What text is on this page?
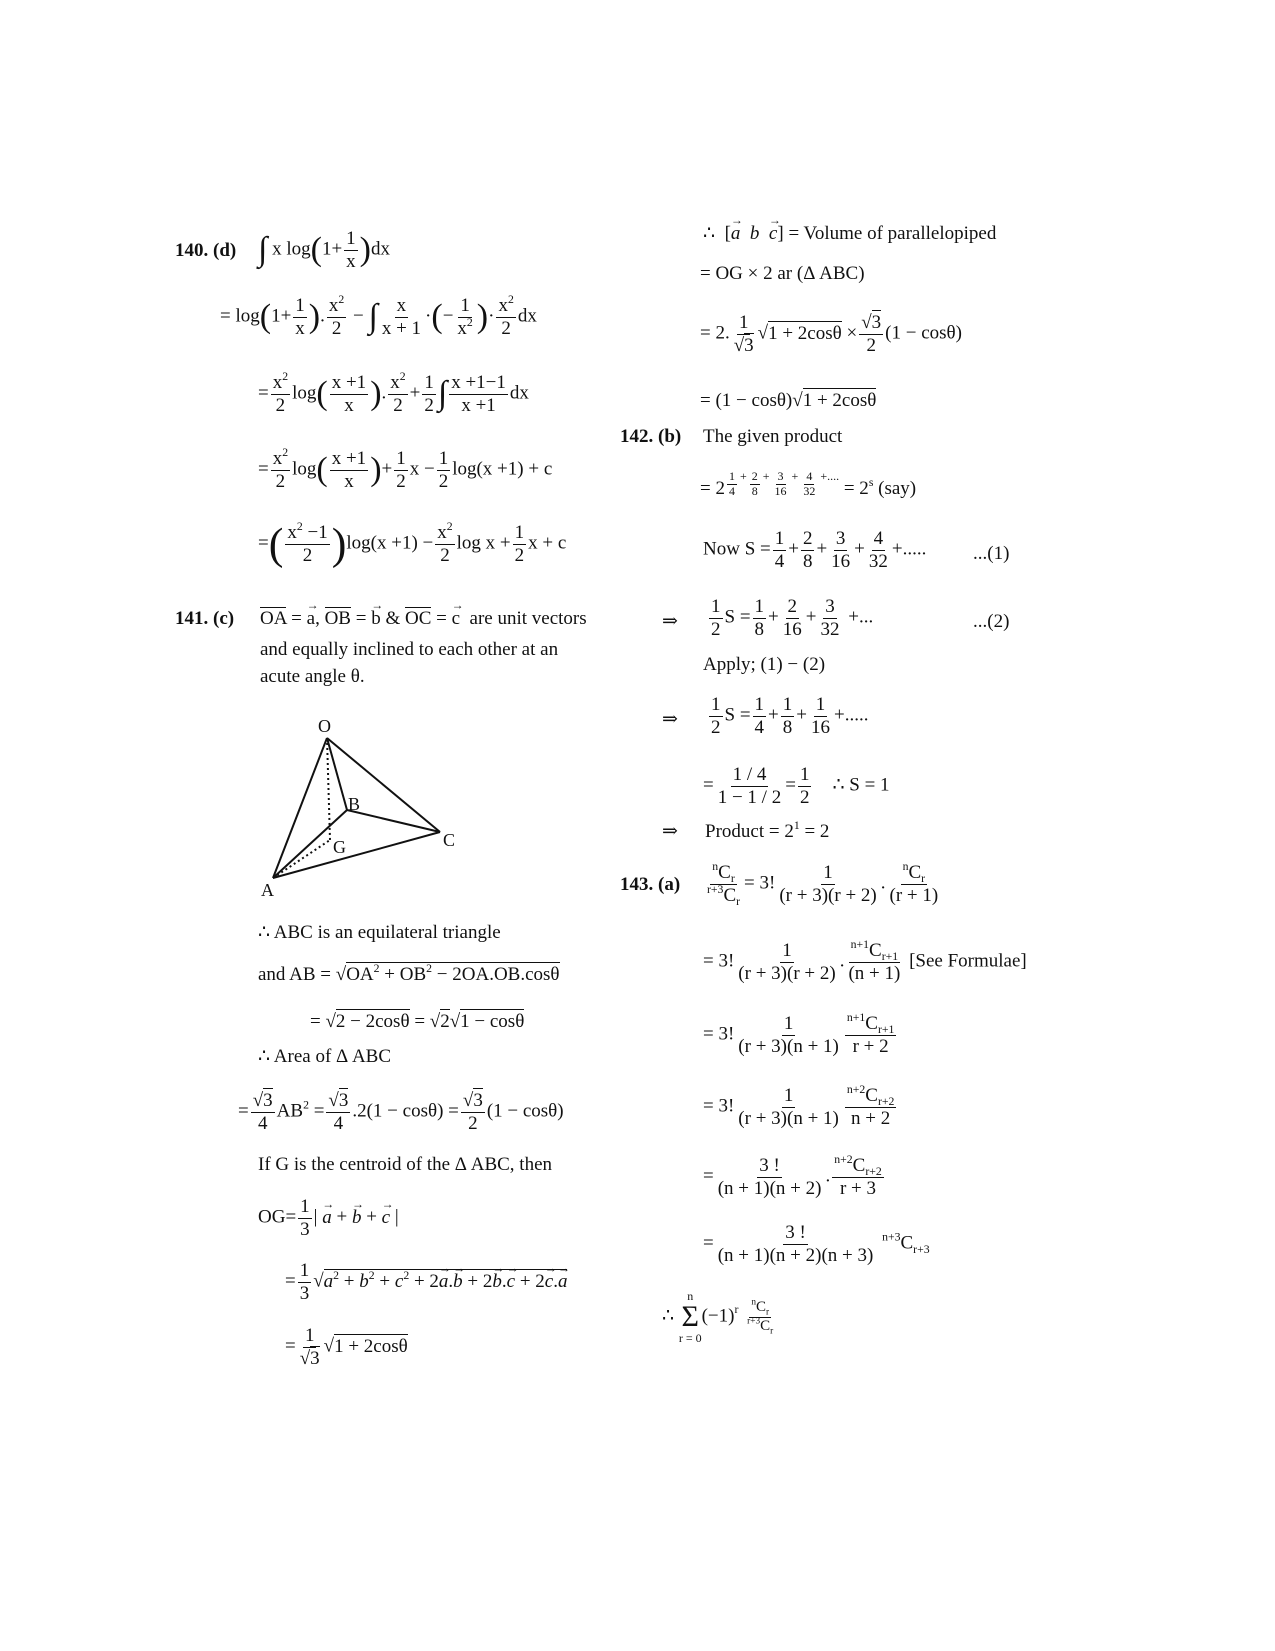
140. (d) ∫ x $\log(1+ \frac{1}{x} )dx$
= $\log(1+ \frac{1}{x}$ ). $\frac{x^2}{2}$ − ∫ $\frac{x}{x + 1}$ ·(− $\frac{1}{x^2}$ )· $\frac{x^2}{2}$ dx
= $\frac{x^2}{2} \log( \frac{x +1}{x}$ ). $\frac{x^2}{2} + \frac{1}{2}$ ∫ $\frac{x +1-1}{x +1}$ dx
= $\frac{x^2}{2} \log( \frac{x +1}{x}$ )+ $\frac{1}{2}$ $x - \frac{1}{2} \log(x +1) + c$
=( $\frac{x^2 -1}{2} )\log(x +1) - \frac{x^2}{2}$ $\log x + \frac{1}{2}$ x + c
141. (c) OA = → a, OB = → b & OC = → c are unit vectors
and equally inclined to each other at an
acute angle θ.
O
B
G	C
A
∴ ABC is an equilateral triangle
and AB = $√OA^2 + OB^2 - 2OA.OB.\cos\theta$
= √2 − 2cosθ = √2√1 − cosθ
∴ Area of Δ ABC
= $\frac{√3}{4} AB^2 = \frac{√3}{4} .2(1 - \cos\theta) = \frac{√3}{2} (1 - \cos\theta)$
If G is the centroid of the Δ ABC, then
$OG= \frac{1}{3}$ | → a + → b + → c |
= $\frac{1}{3} √a^2 + b^2 + c^2 + 2\to a.\to b + 2\to b.\to c + 2\to c.\to a$
= $\frac{1}{√3} √1 + 2\cos\theta$
∴  [→ a b  → c] = Volume of parallelopiped
= OG × 2 ar (Δ ABC)
= 2. $\frac{1}{√3} √1 + 2\cos\theta \times \frac{√3}{2} (1 - \cos\theta)$
= (1 − cosθ)√1 + 2cosθ
142. (b) The given product
= $2 \frac{1}{4} + \frac{2}{8} + \frac{3}{16} + \frac{4}{32}$ +.... = $2^s$ (say)
Now $S = \frac{1}{4} + \frac{2}{8} + \frac{3}{16} + \frac{4}{32}$ +..... ...(1)
⇒ $\frac{1}{2}$ $S = \frac{1}{8} + \frac{2}{16} + \frac{3}{32}$ +...	...(2)
Apply; (1) − (2)
⇒ $\frac{1}{2}$ $S = \frac{1}{4} + \frac{1}{8} + \frac{1}{16}$ +.....
= $\frac{1 / 4}{1 - 1 / 2} = \frac{1}{2}$ ∴ S = 1
⇒ Product = $2^1 = 2$
143. $(a) \frac{^nC_r}{^{r+3}C_r} = 3$! $\frac{1}{(r + 3)(r + 2)}$ . $\frac{^nC_r}{(r + 1)}$
= 3! $\frac{1}{(r + 3)(r + 2)}$ . $\frac{^{n+1}C_{r+1}}{(n + 1)} [See$ Formulae]
= 3! $\frac{1}{(r + 3)(n + 1)} \frac{^{n+1}C_{r+1}}{r + 2}$
= 3! $\frac{1}{(r + 3)(n + 1)} \frac{^{n+2}C_{r+2}}{n + 2}$
= $\frac{3 !}{(n + 1)(n + 2)}$ . $\frac{^{n+2}C_{r+2}}{r + 3}$
= $\frac{3 !}{(n + 1)(n + 2)(n + 3)} ^{n+3}C_{r+3}$
∴
n
Σ
r = 0
$(-1)^r \frac{^nC_r}{^{r+3}C_r}$
